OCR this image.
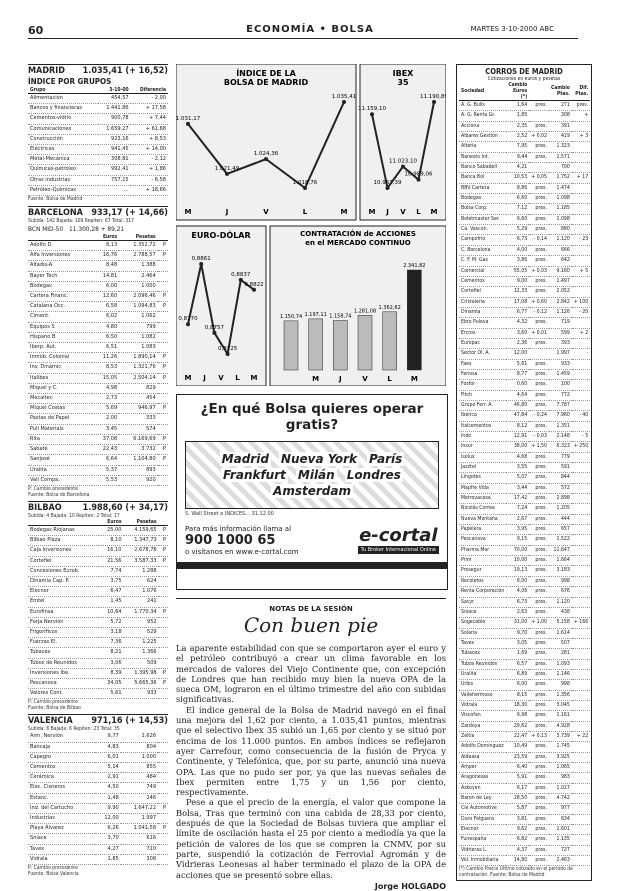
60	ECONOMÍA • BOLSA	MARTES 3-10-2000 ABC
MADRID 1.035,41 (+ 16,52)
ÍNDICE POR GRUPOS
Grupo	3-10-00	Diferencia
Alimentación	454,57	- 2,00
Bancos y financieras	1.441,86	+ 17,58
Cementos-vidrio	900,78	+ 7,44
Comunicaciones	1.659,27	+ 61,68
Construcción	923,16	+ 8,53
Eléctricas	941,45	+ 14,00
Metal-Mecánica	308,81	- 2,12
Químicas-petroleo	992,41	+ 1,86
Otras industrias	757,15	- 6,58
Petróleo-Químicas	...	+ 18,66
Fuente: Bolsa de Madrid
BARCELONA 933,17 (+ 14,66)
Subida: 142 Bajada: 109 Repiten: 67 Total: 317
BCN MID-50 11.300,28 + 89,21
	Euros	Pesetas	
Adolfo D.	8,13	1.352,72	P
Alfa Inversiones	16,76	2.788,57	P
Altadis-A	8,48	1.388	
Bayer Tech	14,81	2.464	
Bodegas	6,00	1.000	
Cartera Financ.	12,60	2.096,46	P
Catalana Occ.	6,58	1.094,83	P
Ciment.	6,02	1.062	
Equipos S	4,80	799	
Hispano B	6,50	1.082	
Iberp. Aut.	6,51	1.083	
Inmob. Colonial	11,26	1.890,14	P
Inv. Dinámic	8,53	1.321,76	P
Italibes	15,05	2.504,14	P
Miquel y C.	4,98	829	
Mecaltec	2,73	454	
Miquel Costas	5,69	946,97	P
Pastas de Papel	2,00	333	
Pull Materials	3,45	574	
Rita	37,08	6.169,69	P
Sabaté	22,43	3.732	P
Sanjosé	6,64	1.104,80	P
Uralita	5,37	893	
Vall Compa.	5,53	920	
P: Cambio precedente
Fuente: Bolsa de Barcelona
BILBAO 1.988,60 (+ 34,17)
Subida: 4 Bajada: 10 Repiten: 2 Total: 17
	Euros	Pesetas	
Bodegas Riojanas	25,00	4.159,65	P
Bilbao Plaza	8,10	1.347,73	P
Caja Inversiones	16,10	2.678,78	P
Cortefiel	21,56	3.587,33	P
Concesiones Eurob.	7,74	1.288	
Dinamia Cap. P.	3,75	624	
Elecnor	6,47	1.076	
Emtel	1,45	241	
Eurofinsa	10,64	1.770,34	P
Forja Nervión	5,72	952	
Frigoríficos	3,18	529	
Fuerzas El.	7,36	1.225	
Tubacex	8,21	1.366	
Tubos de Reunidos	3,06	509	
Inversiones Ibe.	8,39	1.395,98	P
Pescanova	34,05	5.665,36	P
Valores Cont.	5,61	933	
P: Cambio precedente
Fuente: Bolsa de Bilbao
VALENCIA 971,16 (+ 14,53)
Subida: 6 Bajada: 6 Repiten: 23 Total: 35
Arm. Nervión	9,77	1.626	
Bancaja	4,83	804	
Capegro	6,01	1.000	
Cementos	5,14	855	
Cerámica	2,91	484	
Elec. Cisneros	4,50	749	
Estanc.	1,48	246	
Ind. del Cartucho	9,90	1.647,22	P
Industrias	12,00	1.997	
Playa Álvarez	6,26	1.041,58	P
Sniace	3,70	616	
Tavex	4,27	710	
Vidrala	1,85	308	
P: Cambio precedente
Fuente: Bolsa Valencia
ÍNDICE DE LA
BOLSA DE MADRID
1.031,17
1.021,49
1.024,36
1.018,76
1.035,41
M	J	V	L	M
IBEX
35
11.159,10
10.967,39
11.023,10
10.989,06
11.190,89
M J V L M
EURO-DÓLAR
0,8770
0,8861
0,8757
0,8725
0,8837
0,8822
M J V L M
CONTRATACIÓN de ACCIONES
en el MERCADO CONTINUO
1.150,74 1.197,11 1.158,74
1.281,08
1.362,62
2.341,82
M	J	V	L	M
¿En qué Bolsa quieres operar gratis?
Madrid Nueva York París
Frankfurt Milán Londres
Amsterdam
S. Wall Street e INDICES... 31.12.00
Para más información llama al
900 1000 65
o visítanos en www.e-cortal.com
e-cortal
Tu Broker Internacional Online
NOTAS DE LA SESIÓN
Con buen pie

La aparente estabilidad con que se comportaron ayer el euro y el petróleo contribuyó a crear un clima favorable en los mercados de valores del Viejo Continente que, con excepción de Londres que han recibido muy bien la nueva OPA de la sueca OM, lograron en el último trimestre del año con subidas significativas.

El índice general de la Bolsa de Madrid navegó en el final una mejora del 1,62 por ciento, a 1.035,41 puntos, mientras que el selectivo Ibex 35 subió un 1,65 por ciento y se situó por encima de los 11.000 puntos. En ambos índices se reflejaron ayer Carrefour, como consecuencia de la fusión de Pryca y Continente, y Telefónica, que, por su parte, anunció una nueva OPA. Las que no pudo ser por, ya que las nuevas señales de Ibex permiten entre 1,75 y un 1,56 por ciento, respectivamente.

Pese a que el precio de la energía, el valor que compone la Bolsa, Tras que terminó con una cabida de 28,33 por ciento, después de que la Sociedad de Bolsas tuviera que ampliar el límite de oscilación hasta el 25 por ciento a mediodía ya que la petición de valores de los que se compren la CNMV, por su parte, suspendió la cotización de Ferrovial Agromán y de Vidrieras Leonesas al haber terminado el plazo de la OPA de acciones que se presentó sobre ellas.

Jorge HOLGADO
CORROS DE MADRID
Cotizaciones en euros y pesetas
Sociedad	Cambio Euros (*)		Cambio Ptas.	Dif. Ptas.
A. G. Bulls	1,64	pres.	271	pres.
A. G. Renta Gr.	1,85		308	+
Acciona	2,35	pres.	391	
Albares Gestión	2,52	+ 0,02	419	+ 3
Alteria	7,95	pres.	1.323	
Banesto Int.	9,44	pres.	1.571	
Banco Sabadell	4,21		700	
Banca Bol	10,53	+ 0,05	1.752	+ 17
BBV Cartera	8,86	pres.	1.474	
Bodegas	6,60	pres.	1.098	
Bolsa Corp.	7,12	pres.	1.185	
Boletmaster Ser.	6,60	pres.	1.098	
Ca. Vascon.	5,29	pres.	880	
Campofrío	6,73	- 0,14	1.120	- 23
C. Barcelona	4,00	pres.	666	
C. F. M. Gas	3,86	pres.	642	
Comercial	55,05	+ 0,03	9.160	+ 5
Cementos	9,00	pres.	1.497	
Cortefiel	12,33	pres.	2.052	
Cristalería	17,08	+ 0,60	2.842	+ 100
Dinamia	6,77	- 0,12	1.126	- 20
Ebro Puleva	4,32	pres.	719	
Ercros	3,60	+ 0,01	599	+ 2
Europac	2,36	pres.	393	
Sector Ol. A.	12,00		1.997	-
Faes	5,61	pres.	933	
Fenosa	8,77	pres.	1.459	
Fosfor	0,60	pres.	100	
Fitch	4,64	pres.	772	
Grupo Ferr. A.	46,80	pres.	7.787	
Ibérica	47,84	- 0,24	7.960	- 40
Italcementos	8,12	pres.	1.351	
Indo	12,91	- 0,03	2.148	- 5
Insur	38,00	+ 1,50	6.323	+ 250
Isolux	4,68	pres.	779	
Jazztel	3,55	pres.	591	
Lingotes	5,07	pres.	844	
Mapfre Vida	3,44	pres.	572	
Metrovacesa	17,42	pres.	2.898	
Nicolás Correa	7,24	pres.	1.205	
Nueva Montaña	2,67	pres.	444	
Papelera	3,95	pres.	657	
Pescanova	9,15	pres.	1.522	
Pharma Mar	70,00	pres.	11.647	
Prim	10,00	pres.	1.664	
Prosegur	19,13	pres.	3.183	
Recoletos	6,00	pres.	998	
Renta Corporación	4,06	pres.	676	
Sacyr	6,73	pres.	1.120	
Sniace	2,63	pres.	438	
Sogecable	31,00	+ 1,00	5.158	+ 166
Solaria	9,70	pres.	1.614	
Tavex	3,05	pres.	507	
Tubacex	1,69	pres.	281	
Tubos Reunidos	6,57	pres.	1.093	
Uralita	6,89	pres.	1.146	
Urbis	6,00	pres.	998	
Vallehermoso	8,15	pres.	1.356	
Vidrala	18,30	pres.	3.045	
Viscofan	6,98	pres.	1.161	
Zardoya	29,62	pres.	4.928	
Zeltia	22,47	+ 0,13	3.739	+ 22
Adolfo Domínguez	10,49	pres.	1.745	
Aldeasa	23,59	pres.	3.925	
Amper	6,40	pres.	1.065	
Aragonesas	5,91	pres.	983	
Azkoyen	6,17	pres.	1.027	
Baron de Ley	28,50	pres.	4.742	
Cie Automotive	5,87	pres.	977	
Duro Felguera	3,81	pres.	634	
Elecnor	9,62	pres.	1.601	
Funespaña	6,82	pres.	1.135	
Vidrieras L.	4,37	pres.	727	
Vol. Inmobiliaria	14,80	pres.	2.463	
(*) Cambio Precio Último cotizado en el periodo de contratación. Fuente: Bolsa de Madrid
